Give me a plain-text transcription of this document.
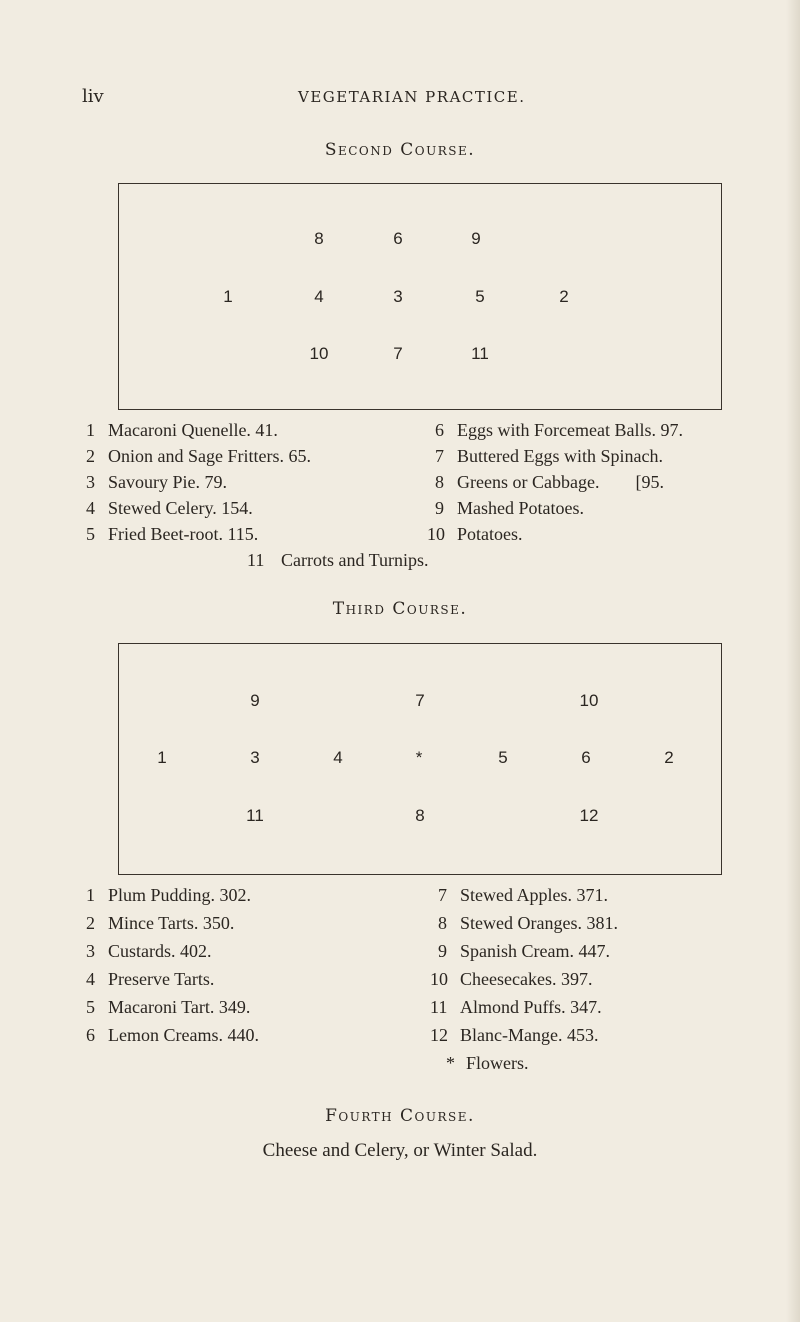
liv	VEGETARIAN PRACTICE.
Second Course.
8	6	9
1	4	3	5	2
10	7	11
1 Macaroni Quenelle. 41.
2 Onion and Sage Fritters. 65.
3 Savoury Pie. 79.
4 Stewed Celery. 154.
5 Fried Beet-root. 115.
6 Eggs with Forcemeat Balls. 97.
7 Buttered Eggs with Spinach.
8 Greens or Cabbage.        [95.
9 Mashed Potatoes.
10 Potatoes.
11 Carrots and Turnips.
Third Course.
9	7	10
1	3	4	*	5	6	2
11	8	12
1 Plum Pudding. 302.
2 Mince Tarts. 350.
3 Custards. 402.
4 Preserve Tarts.
5 Macaroni Tart. 349.
6 Lemon Creams. 440.
7 Stewed Apples. 371.
8 Stewed Oranges. 381.
9 Spanish Cream. 447.
10 Cheesecakes. 397.
11 Almond Puffs. 347.
12 Blanc-Mange. 453.
* Flowers.
Fourth Course.
Cheese and Celery, or Winter Salad.
